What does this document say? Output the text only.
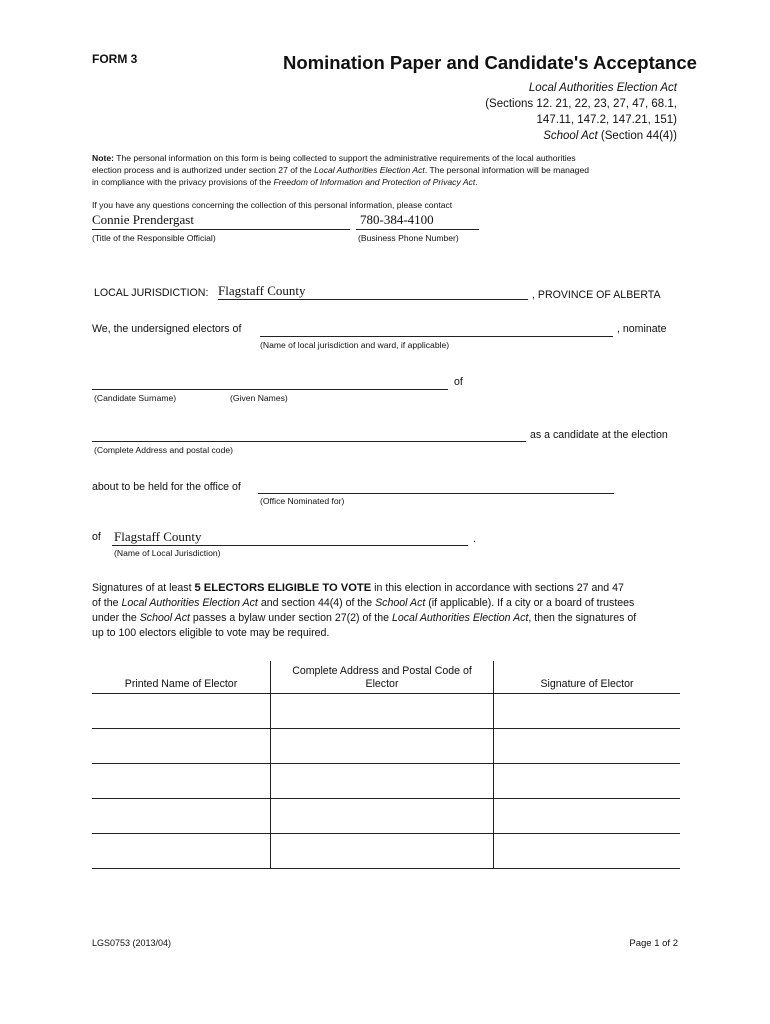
FORM 3	Nomination Paper and Candidate's Acceptance
Local Authorities Election Act
(Sections 12. 21, 22, 23, 27, 47, 68.1,
147.11, 147.2, 147.21, 151)
School Act (Section 44(4))
Note: The personal information on this form is being collected to support the administrative requirements of the local authorities
election process and is authorized under section 27 of the Local Authorities Election Act. The personal information will be managed
in compliance with the privacy provisions of the Freedom of Information and Protection of Privacy Act.
If you have any questions concerning the collection of this personal information, please contact
Connie Prendergast
(Title of the Responsible Official)
780-384-4100
(Business Phone Number)
LOCAL JURISDICTION: Flagstaff County	, PROVINCE OF ALBERTA
We, the undersigned electors of	, nominate
(Name of local jurisdiction and ward, if applicable)
of
(Candidate Surname)	(Given Names)
as a candidate at the election
(Complete Address and postal code)
about to be held for the office of
(Office Nominated for)
of Flagstaff County	.
(Name of Local Jurisdiction)
Signatures of at least 5 ELECTORS ELIGIBLE TO VOTE in this election in accordance with sections 27 and 47
of the Local Authorities Election Act and section 44(4) of the School Act (if applicable). If a city or a board of trustees
under the School Act passes a bylaw under section 27(2) of the Local Authorities Election Act, then the signatures of
up to 100 electors eligible to vote may be required.
Printed Name of Elector	Complete Address and Postal Code of Elector	Signature of Elector

LGS0753 (2013/04)	Page 1 of 2
